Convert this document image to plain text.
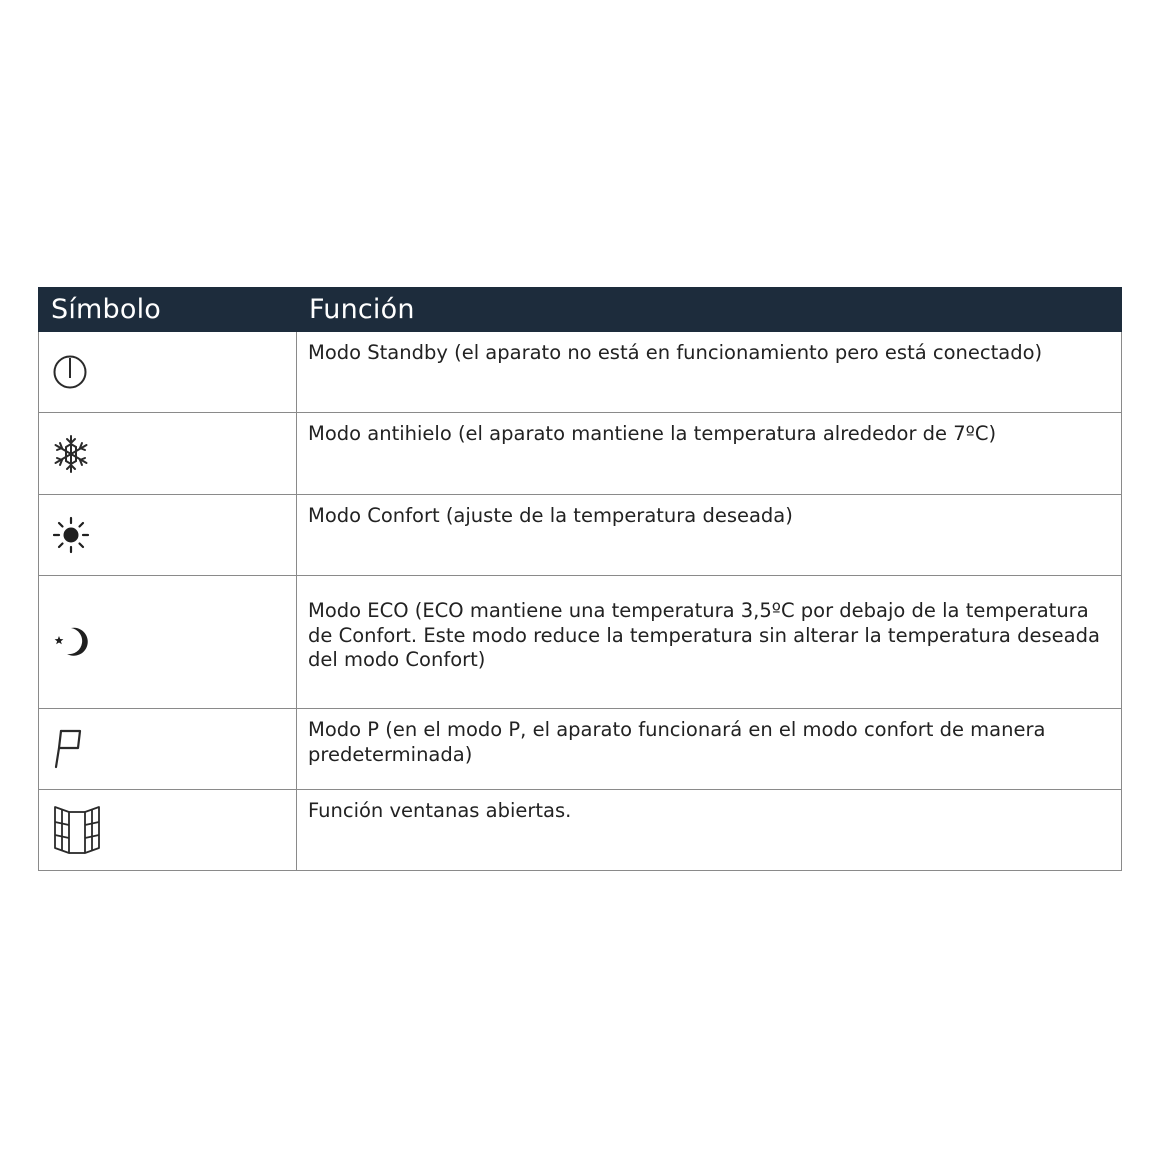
Símbolo	Función

	Modo Standby (el aparato no está en funcionamiento pero está conectado)

	Modo antihielo (el aparato mantiene la temperatura alrededor de 7ºC)

	Modo Confort (ajuste de la temperatura deseada)

	Modo ECO (ECO mantiene una temperatura 3,5ºC por debajo de la temperatura de Confort. Este modo reduce la temperatura sin alterar la temperatura deseada del modo Confort)

	Modo P (en el modo P, el aparato funcionará en el modo confort de manera predeterminada)

	Función ventanas abiertas.
